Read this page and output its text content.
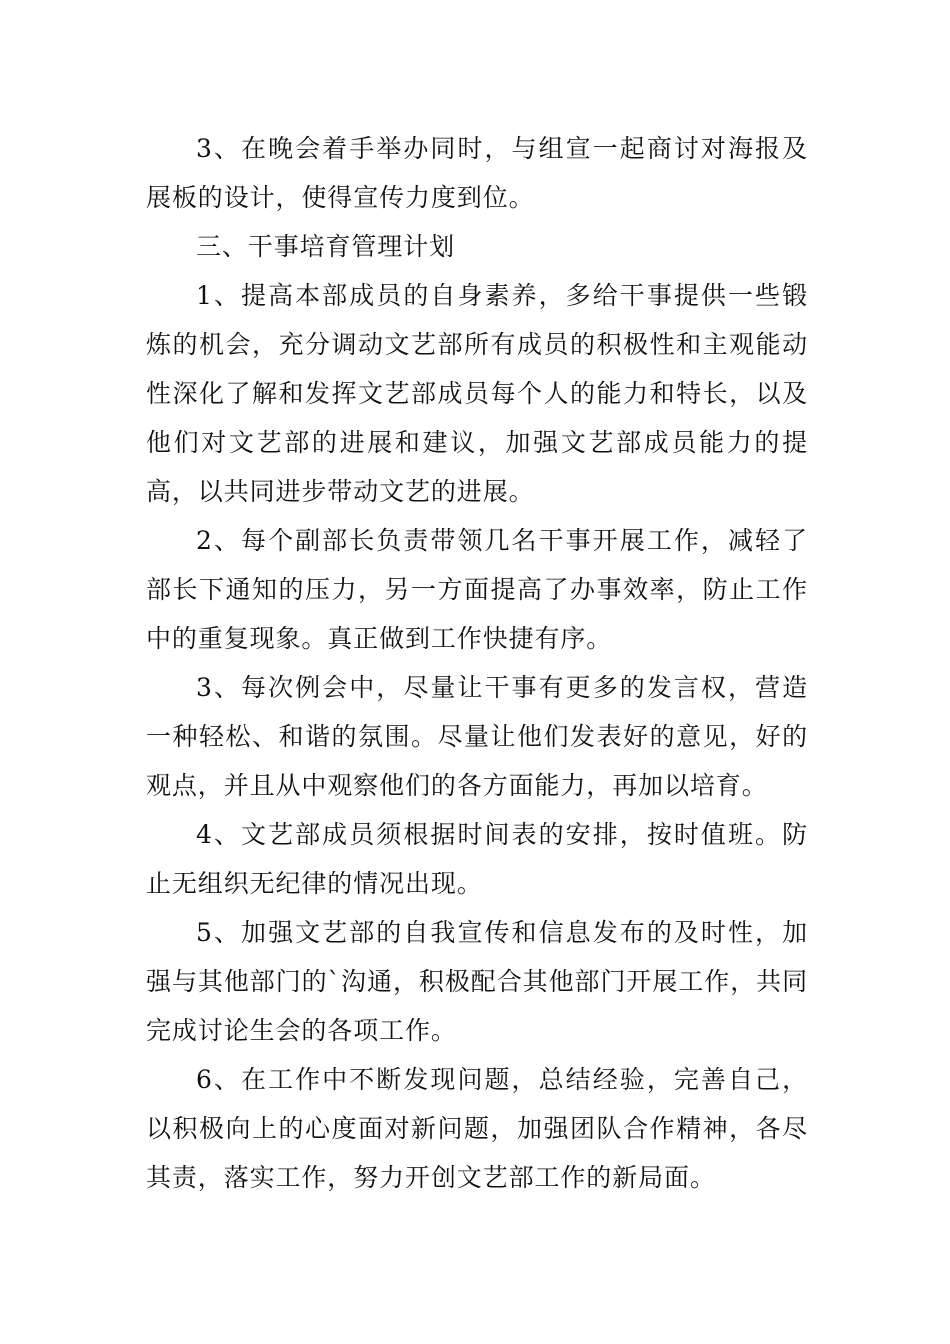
3、在晚会着手举办同时，与组宣一起商讨对海报及展板的设计，使得宣传力度到位。

三、干事培育管理计划

1、提高本部成员的自身素养，多给干事提供一些锻炼的机会，充分调动文艺部所有成员的积极性和主观能动性深化了解和发挥文艺部成员每个人的能力和特长，以及他们对文艺部的进展和建议，加强文艺部成员能力的提高，以共同进步带动文艺的进展。

2、每个副部长负责带领几名干事开展工作，减轻了部长下通知的压力，另一方面提高了办事效率，防止工作中的重复现象。真正做到工作快捷有序。

3、每次例会中，尽量让干事有更多的发言权，营造一种轻松、和谐的氛围。尽量让他们发表好的意见，好的观点，并且从中观察他们的各方面能力，再加以培育。

4、文艺部成员须根据时间表的安排，按时值班。防止无组织无纪律的情况出现。

5、加强文艺部的自我宣传和信息发布的及时性，加强与其他部门的`沟通，积极配合其他部门开展工作，共同完成讨论生会的各项工作。

6、在工作中不断发现问题，总结经验，完善自己，以积极向上的心度面对新问题，加强团队合作精神，各尽其责，落实工作，努力开创文艺部工作的新局面。
